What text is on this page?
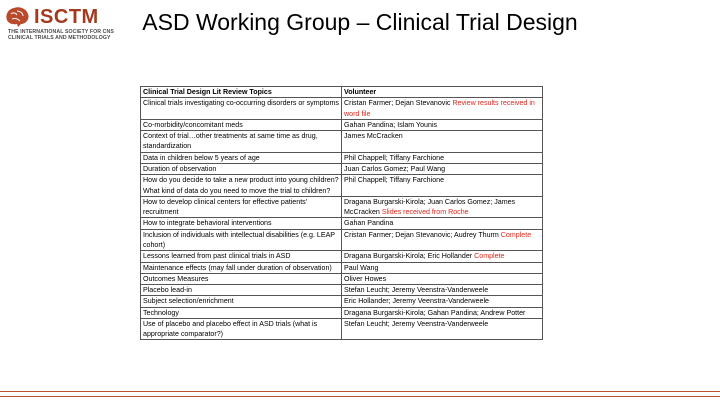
ISCTM
THE INTERNATIONAL SOCIETY FOR CNS
CLINICAL TRIALS AND METHODOLOGY
ASD Working Group – Clinical Trial Design
Clinical Trial Design Lit Review Topics	Volunteer
Clinical trials investigating co-occurring disorders or symptoms	Cristan Farmer; Dejan Stevanovic Review results received in word file
Co-morbidity/concomitant meds	Gahan Pandina; Islam Younis
Context of trial…other treatments at same time as drug, standardization	James McCracken
Data in children below 5 years of age	Phil Chappell; Tiffany Farchione
Duration of observation	Juan Carlos Gomez; Paul Wang
How do you decide to take a new product into young children? What kind of data do you need to move the trial to children?	Phil Chappell; Tiffany Farchione
How to develop clinical centers for effective patients' recruitment	Dragana Burgarski-Kirola; Juan Carlos Gomez; James McCracken Slides received from Roche
How to integrate behavioral interventions	Gahan Pandina
Inclusion of individuals with intellectual disabilities (e.g. LEAP cohort)	Cristan Farmer; Dejan Stevanovic; Audrey Thurm Complete
Lessons learned from past clinical trials in ASD	Dragana Burgarski-Kirola; Eric Hollander Complete
Maintenance effects (may fall under duration of observation)	Paul Wang
Outcomes Measures	Oliver Howes
Placebo lead-in	Stefan Leucht; Jeremy Veenstra-Vanderweele
Subject selection/enrichment	Eric Hollander; Jeremy Veenstra-Vanderweele
Technology	Dragana Burgarski-Kirola; Gahan Pandina; Andrew Potter
Use of placebo and placebo effect in ASD trials (what is appropriate comparator?)	Stefan Leucht; Jeremy Veenstra-Vanderweele
